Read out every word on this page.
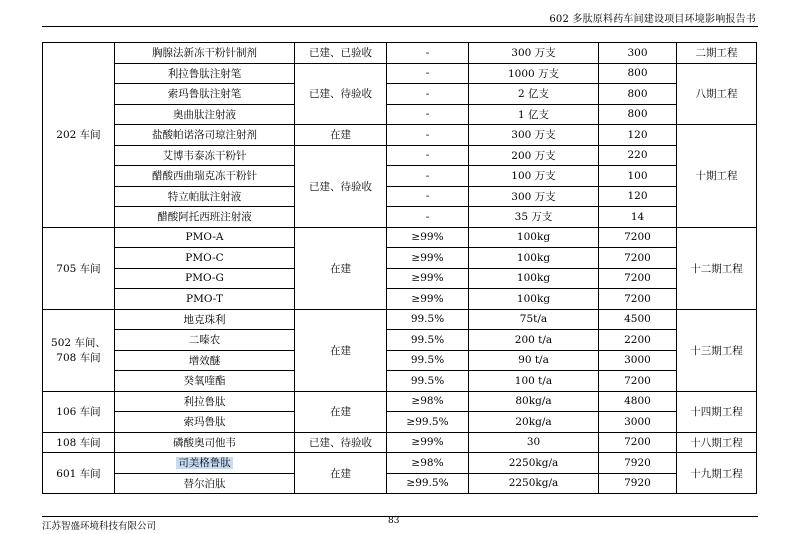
602 多肽原料药车间建设项目环境影响报告书
202 车间	胸腺法新冻干粉针制剂	已建、已验收	-	300 万支	300	二期工程
	利拉鲁肽注射笔	已建、待验收	-	1000 万支	800	八期工程
	索玛鲁肽注射笔		-	2 亿支	800	
	奥曲肽注射液		-	1 亿支	800	
	盐酸帕诺洛司琼注射剂	在建	-	300 万支	120	十期工程
	艾博韦泰冻干粉针	已建、待验收	-	200 万支	220	
	醋酸西曲瑞克冻干粉针		-	100 万支	100	
	特立帕肽注射液		-	300 万支	120	
	醋酸阿托西班注射液		-	35 万支	14	
705 车间	PMO-A	在建	≥99%	100kg	7200	十二期工程
	PMO-C		≥99%	100kg	7200	
	PMO-G		≥99%	100kg	7200	
	PMO-T		≥99%	100kg	7200	
502 车间、
708 车间	地克珠利	在建	99.5%	75t/a	4500	十三期工程
	二嗪农		99.5%	200 t/a	2200	
	增效醚		99.5%	90 t/a	3000	
	癸氧喹酯		99.5%	100 t/a	7200	
106 车间	利拉鲁肽	在建	≥98%	80kg/a	4800	十四期工程
	索玛鲁肽		≥99.5%	20kg/a	3000	
108 车间	磷酸奥司他韦	已建、待验收	≥99%	30	7200	十八期工程
601 车间	司美格鲁肽	在建	≥98%	2250kg/a	7920	十九期工程
	替尔泊肽		≥99.5%	2250kg/a	7920	
江苏智盛环境科技有限公司	83
